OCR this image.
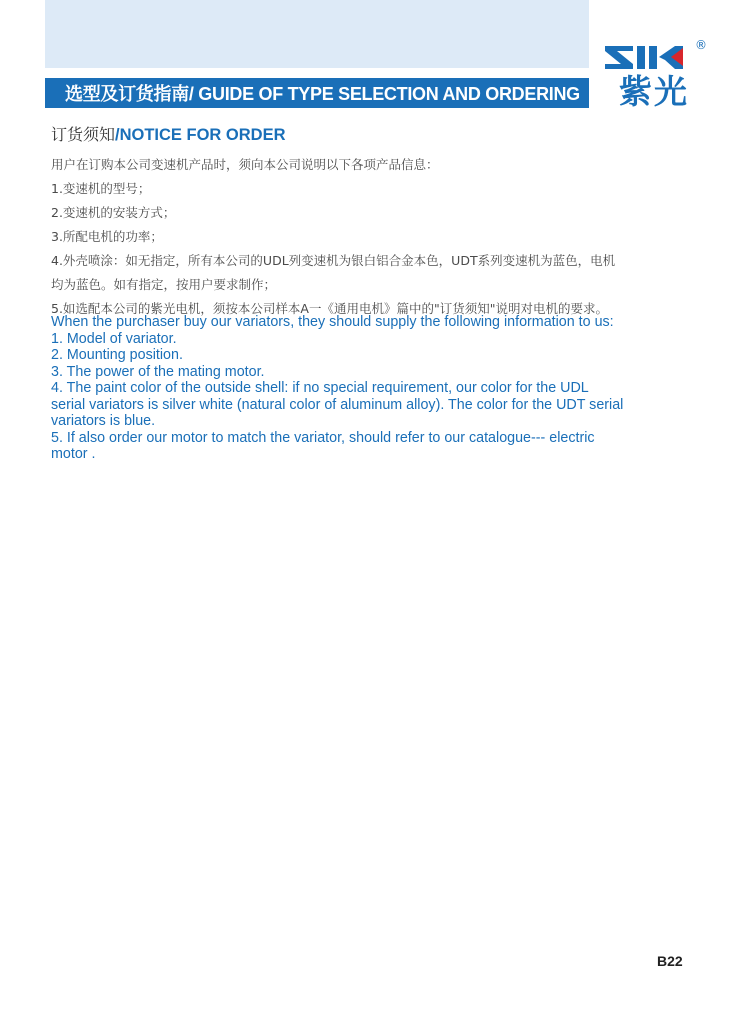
选型及订货指南/ GUIDE OF TYPE SELECTION AND ORDERING
®
紫光
订货须知/NOTICE FOR ORDER
用户在订购本公司变速机产品时，须向本公司说明以下各项产品信息：
1.变速机的型号；
2.变速机的安装方式；
3.所配电机的功率；
4.外壳喷涂：如无指定，所有本公司的UDL列变速机为银白铝合金本色，UDT系列变速机为蓝色，电机
均为蓝色。如有指定，按用户要求制作；
5.如选配本公司的紫光电机，须按本公司样本A一《通用电机》篇中的"订货须知"说明对电机的要求。
When the purchaser buy our variators, they should supply the following information to us:
1. Model of variator.
2. Mounting position.
3. The power of the mating motor.
4. The paint color of the outside shell: if no special requirement, our color for the UDL
serial variators is silver white (natural color of aluminum alloy). The color for the UDT serial
variators is blue.
5. If also order our motor to match the variator, should refer to our catalogue--- electric
motor .
B22
